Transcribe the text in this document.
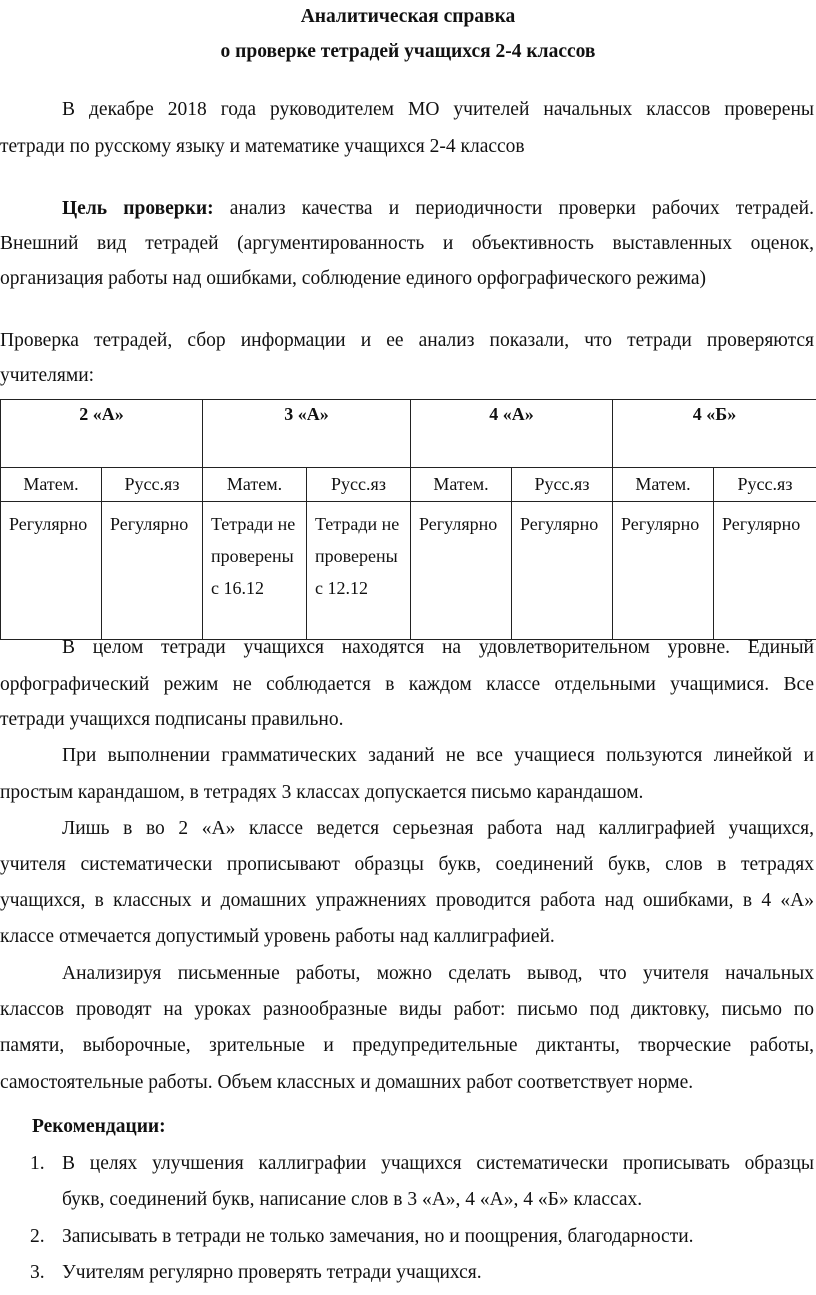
Аналитическая справка
о проверке тетрадей учащихся 2-4 классов
В декабре 2018 года руководителем МО учителей начальных классов проверены
тетради по русскому языку и математике учащихся 2-4 классов
Цель проверки: анализ качества и периодичности проверки рабочих тетрадей.
Внешний вид тетрадей (аргументированность и объективность выставленных оценок,
организация работы над ошибками, соблюдение единого орфографического режима)
Проверка тетрадей, сбор информации и ее анализ показали, что тетради проверяются
учителями:
2 «А»		3 «А»		4 «А»		4 «Б»	
Матем.	Русс.яз	Матем.	Русс.яз	Матем.	Русс.яз	Матем.	Русс.яз

Регулярно	Регулярно	Тетради не проверены с 16.12	Тетради не проверены с 12.12	Регулярно	Регулярно	Регулярно	Регулярно
В целом тетради учащихся находятся на удовлетворительном уровне. Единый
орфографический режим не соблюдается в каждом классе отдельными учащимися. Все
тетради учащихся подписаны правильно.
При выполнении грамматических заданий не все учащиеся пользуются линейкой и
простым карандашом, в тетрадях 3 классах допускается письмо карандашом.
Лишь в во 2 «А» классе ведется серьезная работа над каллиграфией учащихся,
учителя систематически прописывают образцы букв, соединений букв, слов в тетрадях
учащихся, в классных и домашних упражнениях проводится работа над ошибками, в 4 «А»
классе отмечается допустимый уровень работы над каллиграфией.
Анализируя письменные работы, можно сделать вывод, что учителя начальных
классов проводят на уроках разнообразные виды работ: письмо под диктовку, письмо по
памяти, выборочные, зрительные и предупредительные диктанты, творческие работы,
самостоятельные работы. Объем классных и домашних работ соответствует норме.
Рекомендации:
1. В целях улучшения каллиграфии учащихся систематически прописывать образцы
букв, соединений букв, написание слов в 3 «А», 4 «А», 4 «Б» классах.
2. Записывать в тетради не только замечания, но и поощрения, благодарности.
3. Учителям регулярно проверять тетради учащихся.
